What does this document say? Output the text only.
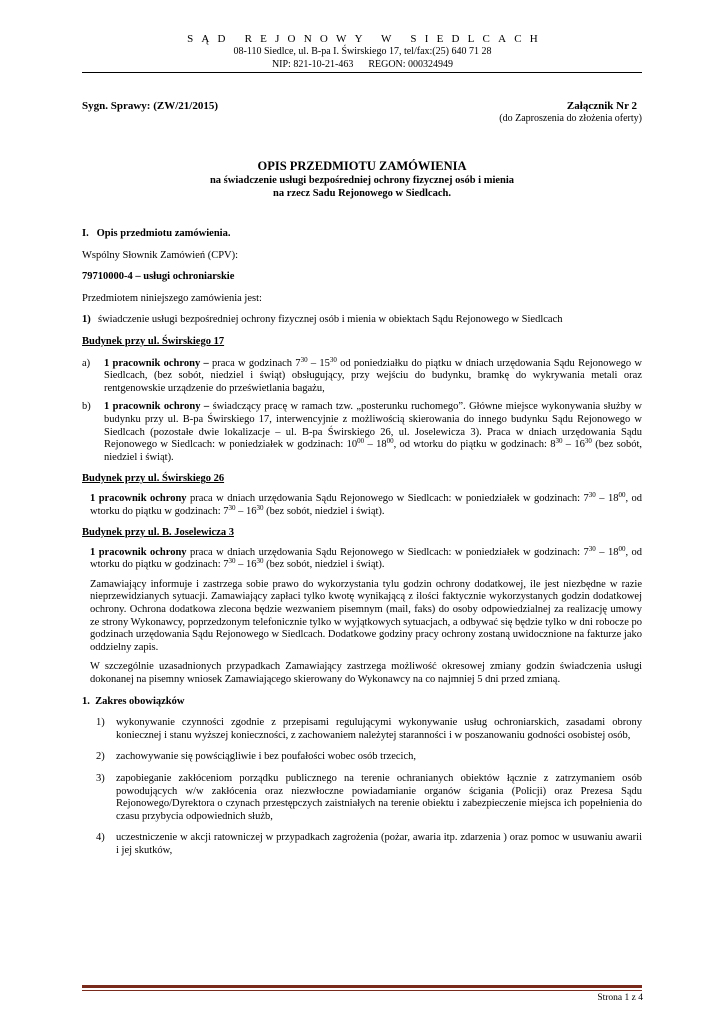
SĄD REJONOWY W SIEDLCACH
08-110 Siedlce, ul. B-pa I. Świrskiego 17, tel/fax:(25) 640 71 28
NIP: 821-10-21-463      REGON: 000324949
Sygn. Sprawy: (ZW/21/2015)	Załącznik Nr 2
(do Zaproszenia do złożenia oferty)
OPIS PRZEDMIOTU ZAMÓWIENIA
na świadczenie usługi bezpośredniej ochrony fizycznej osób i mienia
na rzecz Sadu Rejonowego w Siedlcach.

I. Opis przedmiotu zamówienia.

Wspólny Słownik Zamówień (CPV):

79710000-4 – usługi ochroniarskie

Przedmiotem niniejszego zamówienia jest:

1) świadczenie usługi bezpośredniej ochrony fizycznej osób i mienia w obiektach Sądu Rejonowego w Siedlcach

Budynek przy ul. Świrskiego 17

a)	1 pracownik ochrony – praca w godzinach $7^{30} - 15^{30}$ od poniedziałku do piątku w dniach urzędowania Sądu Rejonowego w Siedlcach, (bez sobót, niedziel i świąt) obsługujący, przy wejściu do budynku, bramkę do wykrywania metali oraz rentgenowskie urządzenie do prześwietlania bagażu,
b)	1 pracownik ochrony – świadczący pracę w ramach tzw. „posterunku ruchomego”. Główne miejsce wykonywania służby w budynku przy ul. B-pa Świrskiego 17, interwencyjnie z możliwością skierowania do innego budynku Sądu Rejonowego w Siedlcach (pozostałe dwie lokalizacje – ul. B-pa Świrskiego 26, ul. Joselewicza 3). Praca w dniach urzędowania Sądu Rejonowego w Siedlcach: w poniedziałek w godzinach: $10^{00} - 18^{00}$, od wtorku do piątku w godzinach: $8^{30} - 16^{30}$ (bez sobót, niedziel i świąt).

Budynek przy ul. Świrskiego 26

1 pracownik ochrony praca w dniach urzędowania Sądu Rejonowego w Siedlcach: w poniedziałek w godzinach: $7^{30} - 18^{00}$, od wtorku do piątku w godzinach: $7^{30} - 16^{30}$ (bez sobót, niedziel i świąt).

Budynek przy ul. B. Joselewicza 3

1 pracownik ochrony praca w dniach urzędowania Sądu Rejonowego w Siedlcach: w poniedziałek w godzinach: $7^{30} - 18^{00}$, od wtorku do piątku w godzinach: $7^{30} - 16^{30}$ (bez sobót, niedziel i świąt).

Zamawiający informuje i zastrzega sobie prawo do wykorzystania tylu godzin ochrony dodatkowej, ile jest niezbędne w razie nieprzewidzianych sytuacji. Zamawiający zapłaci tylko kwotę wynikającą z ilości faktycznie wykorzystanych godzin dodatkowej ochrony. Ochrona dodatkowa zlecona będzie wezwaniem pisemnym (mail, faks) do osoby odpowiedzialnej za realizację umowy ze strony Wykonawcy, poprzedzonym telefonicznie tylko w wyjątkowych sytuacjach, a odbywać się będzie tylko w dni robocze po godzinach urzędowania Sądu Rejonowego w Siedlcach. Dodatkowe godziny pracy ochrony zostaną uwidocznione na fakturze jako oddzielny zapis.

W szczególnie uzasadnionych przypadkach Zamawiający zastrzega możliwość okresowej zmiany godzin świadczenia usługi dokonanej na pisemny wniosek Zamawiającego skierowany do Wykonawcy na co najmniej 5 dni przed zmianą.

1. Zakres obowiązków

1)	wykonywanie czynności zgodnie z przepisami regulującymi wykonywanie usług ochroniarskich, zasadami obrony koniecznej i stanu wyższej konieczności, z zachowaniem należytej staranności i w poszanowaniu godności osobistej osób,
2)	zachowywanie się powściągliwie i bez poufałości wobec osób trzecich,
3)	zapobieganie zakłóceniom porządku publicznego na terenie ochranianych obiektów łącznie z zatrzymaniem osób powodujących w/w zakłócenia oraz niezwłoczne powiadamianie organów ścigania (Policji) oraz Prezesa Sądu Rejonowego/Dyrektora o czynach przestępczych zaistniałych na terenie obiektu i zabezpieczenie miejsca ich popełnienia do czasu przybycia odpowiednich służb,
4)	uczestniczenie w akcji ratowniczej w przypadkach zagrożenia (pożar, awaria itp. zdarzenia ) oraz pomoc w usuwaniu awarii i jej skutków,
Strona 1 z 4
